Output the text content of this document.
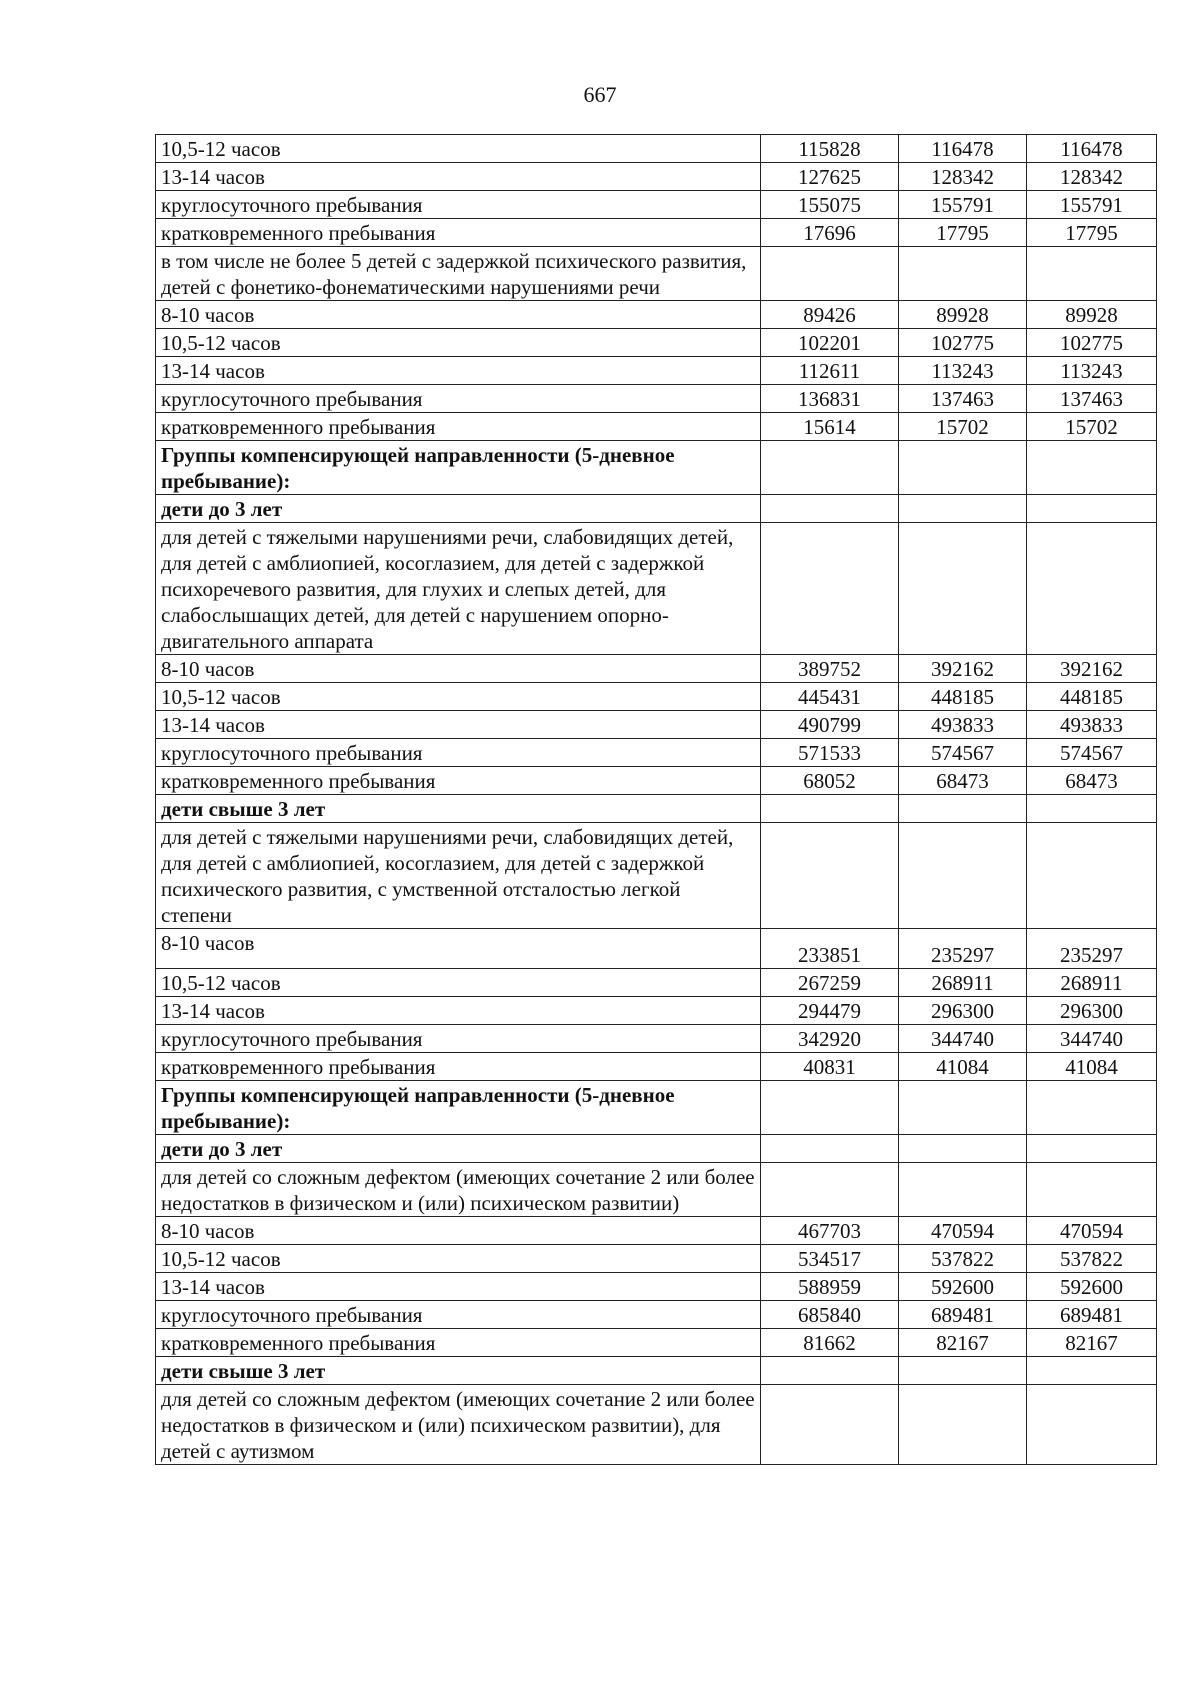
667
10,5-12 часов	115828	116478	116478
13-14 часов	127625	128342	128342
круглосуточного пребывания	155075	155791	155791
кратковременного пребывания	17696	17795	17795
в том числе не более 5 детей с задержкой психического развития, детей с фонетико-фонематическими нарушениями речи			
8-10 часов	89426	89928	89928
10,5-12 часов	102201	102775	102775
13-14 часов	112611	113243	113243
круглосуточного пребывания	136831	137463	137463
кратковременного пребывания	15614	15702	15702
Группы компенсирующей направленности (5-дневное пребывание):			
дети до 3 лет			
для детей с тяжелыми нарушениями речи, слабовидящих детей, для детей с амблиопией, косоглазием, для детей с задержкой психоречевого развития, для глухих и слепых детей, для слабослышащих детей, для детей с нарушением опорно-двигательного аппарата			
8-10 часов	389752	392162	392162
10,5-12 часов	445431	448185	448185
13-14 часов	490799	493833	493833
круглосуточного пребывания	571533	574567	574567
кратковременного пребывания	68052	68473	68473
дети свыше 3 лет			
для детей с тяжелыми нарушениями речи, слабовидящих детей, для детей с амблиопией, косоглазием, для детей с задержкой психического развития, с умственной отсталостью легкой степени			
8-10 часов	233851	235297	235297
10,5-12 часов	267259	268911	268911
13-14 часов	294479	296300	296300
круглосуточного пребывания	342920	344740	344740
кратковременного пребывания	40831	41084	41084
Группы компенсирующей направленности (5-дневное пребывание):			
дети до 3 лет			
для детей со сложным дефектом (имеющих сочетание 2 или более недостатков в физическом и (или) психическом развитии)			
8-10 часов	467703	470594	470594
10,5-12 часов	534517	537822	537822
13-14 часов	588959	592600	592600
круглосуточного пребывания	685840	689481	689481
кратковременного пребывания	81662	82167	82167
дети свыше 3 лет			
для детей со сложным дефектом (имеющих сочетание 2 или более недостатков в физическом и (или) психическом развитии), для детей с аутизмом			
